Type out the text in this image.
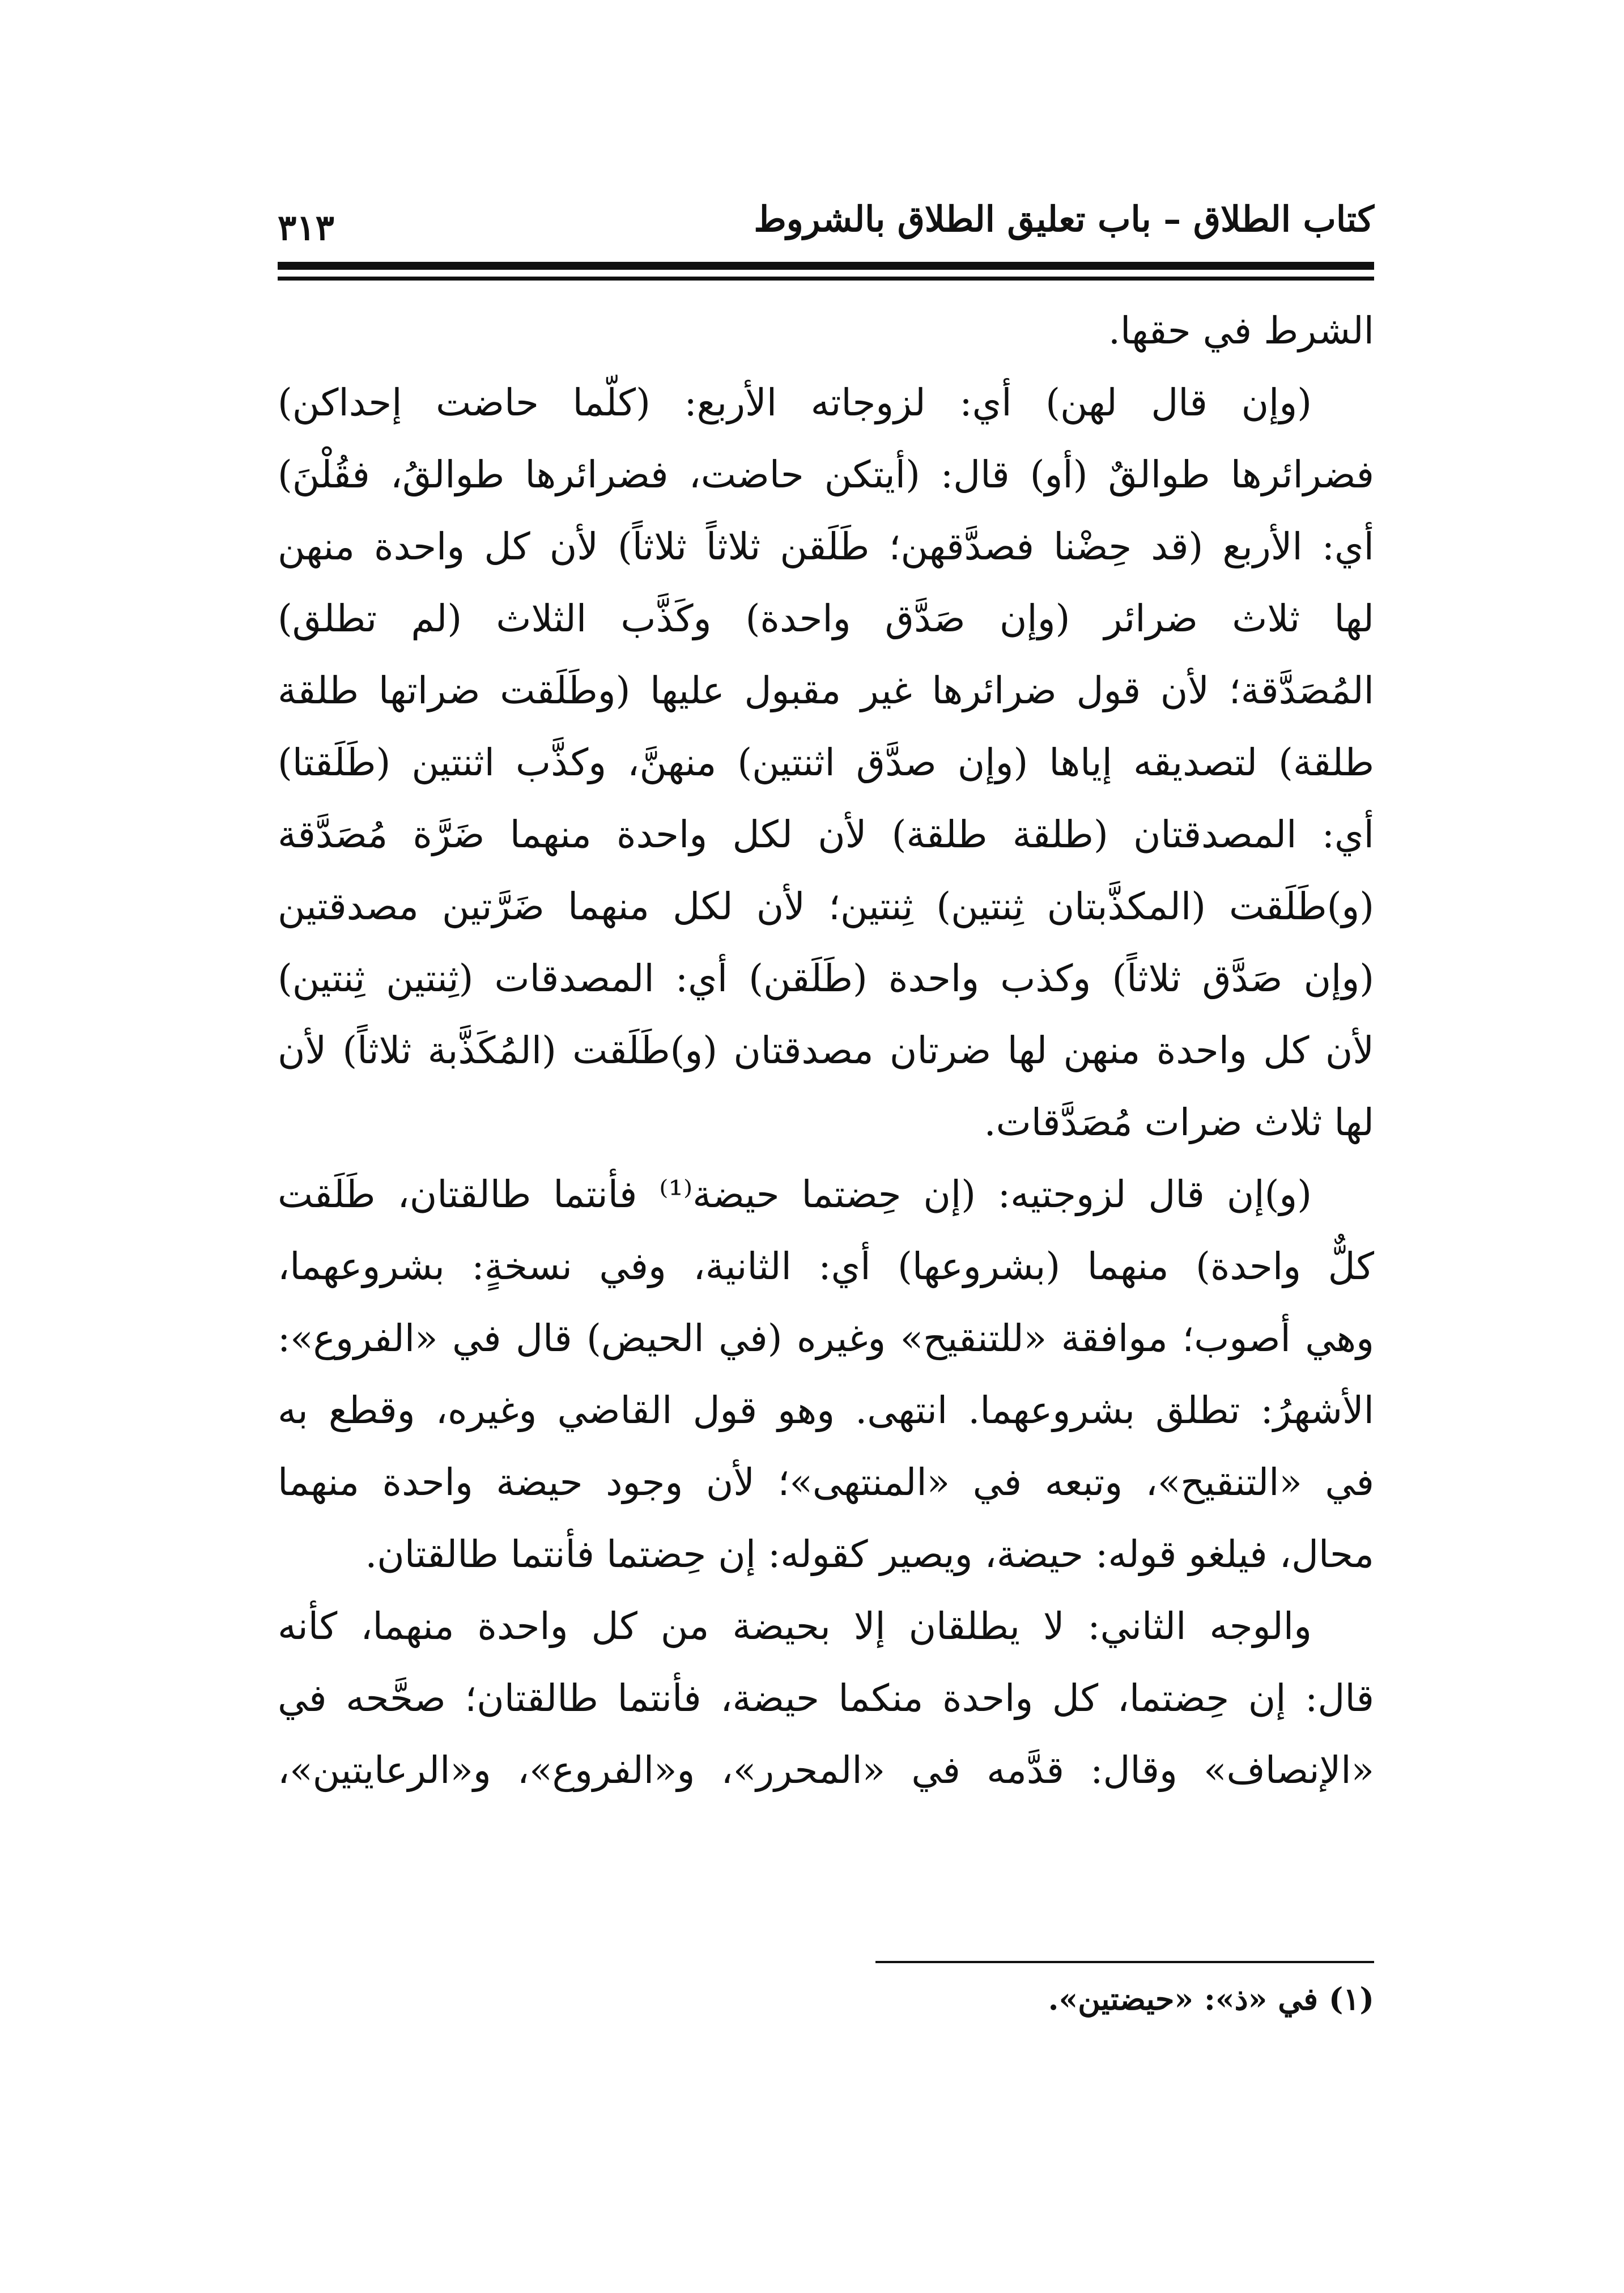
كتاب الطلاق – باب تعليق الطلاق بالشروط
٣١٣
الشرط في حقها.
(وإن قال لهن) أي: لزوجاته الأربع: (كلّما حاضت إحداكن)
فضرائرها طوالقٌ (أو) قال: (أيتكن حاضت، فضرائرها طوالقُ، فقُلْنَ)
أي: الأربع (قد حِضْنا فصدَّقهن؛ طَلَقن ثلاثاً ثلاثاً) لأن كل واحدة منهن
لها ثلاث ضرائر (وإن صَدَّق واحدة) وكَذَّب الثلاث (لم تطلق)
المُصَدَّقة؛ لأن قول ضرائرها غير مقبول عليها (وطَلَقت ضراتها طلقة
طلقة) لتصديقه إياها (وإن صدَّق اثنتين) منهنَّ، وكذَّب اثنتين (طَلَقتا)
أي: المصدقتان (طلقة طلقة) لأن لكل واحدة منهما ضَرَّة مُصَدَّقة
(و)طَلَقت (المكذَّبتان ثِنتين) ثِنتين؛ لأن لكل منهما ضَرَّتين مصدقتين
(وإن صَدَّق ثلاثاً) وكذب واحدة (طَلَقن) أي: المصدقات (ثِنتين ثِنتين)
لأن كل واحدة منهن لها ضرتان مصدقتان (و)طَلَقت (المُكَذَّبة ثلاثاً) لأن
لها ثلاث ضرات مُصَدَّقات.
(و)إن قال لزوجتيه: (إن حِضتما حيضة⁽¹⁾ فأنتما طالقتان، طَلَقت
كلٌّ واحدة) منهما (بشروعها) أي: الثانية، وفي نسخةٍ: بشروعهما،
وهي أصوب؛ موافقة «للتنقيح» وغيره (في الحيض) قال في «الفروع»:
الأشهرُ: تطلق بشروعهما. انتهى. وهو قول القاضي وغيره، وقطع به
في «التنقيح»، وتبعه في «المنتهى»؛ لأن وجود حيضة واحدة منهما
محال، فيلغو قوله: حيضة، ويصير كقوله: إن حِضتما فأنتما طالقتان.
والوجه الثاني: لا يطلقان إلا بحيضة من كل واحدة منهما، كأنه
قال: إن حِضتما، كل واحدة منكما حيضة، فأنتما طالقتان؛ صحَّحه في
«الإنصاف» وقال: قدَّمه في «المحرر»، و«الفروع»، و«الرعايتين»،
(١) في «ذ»: «حيضتين».
